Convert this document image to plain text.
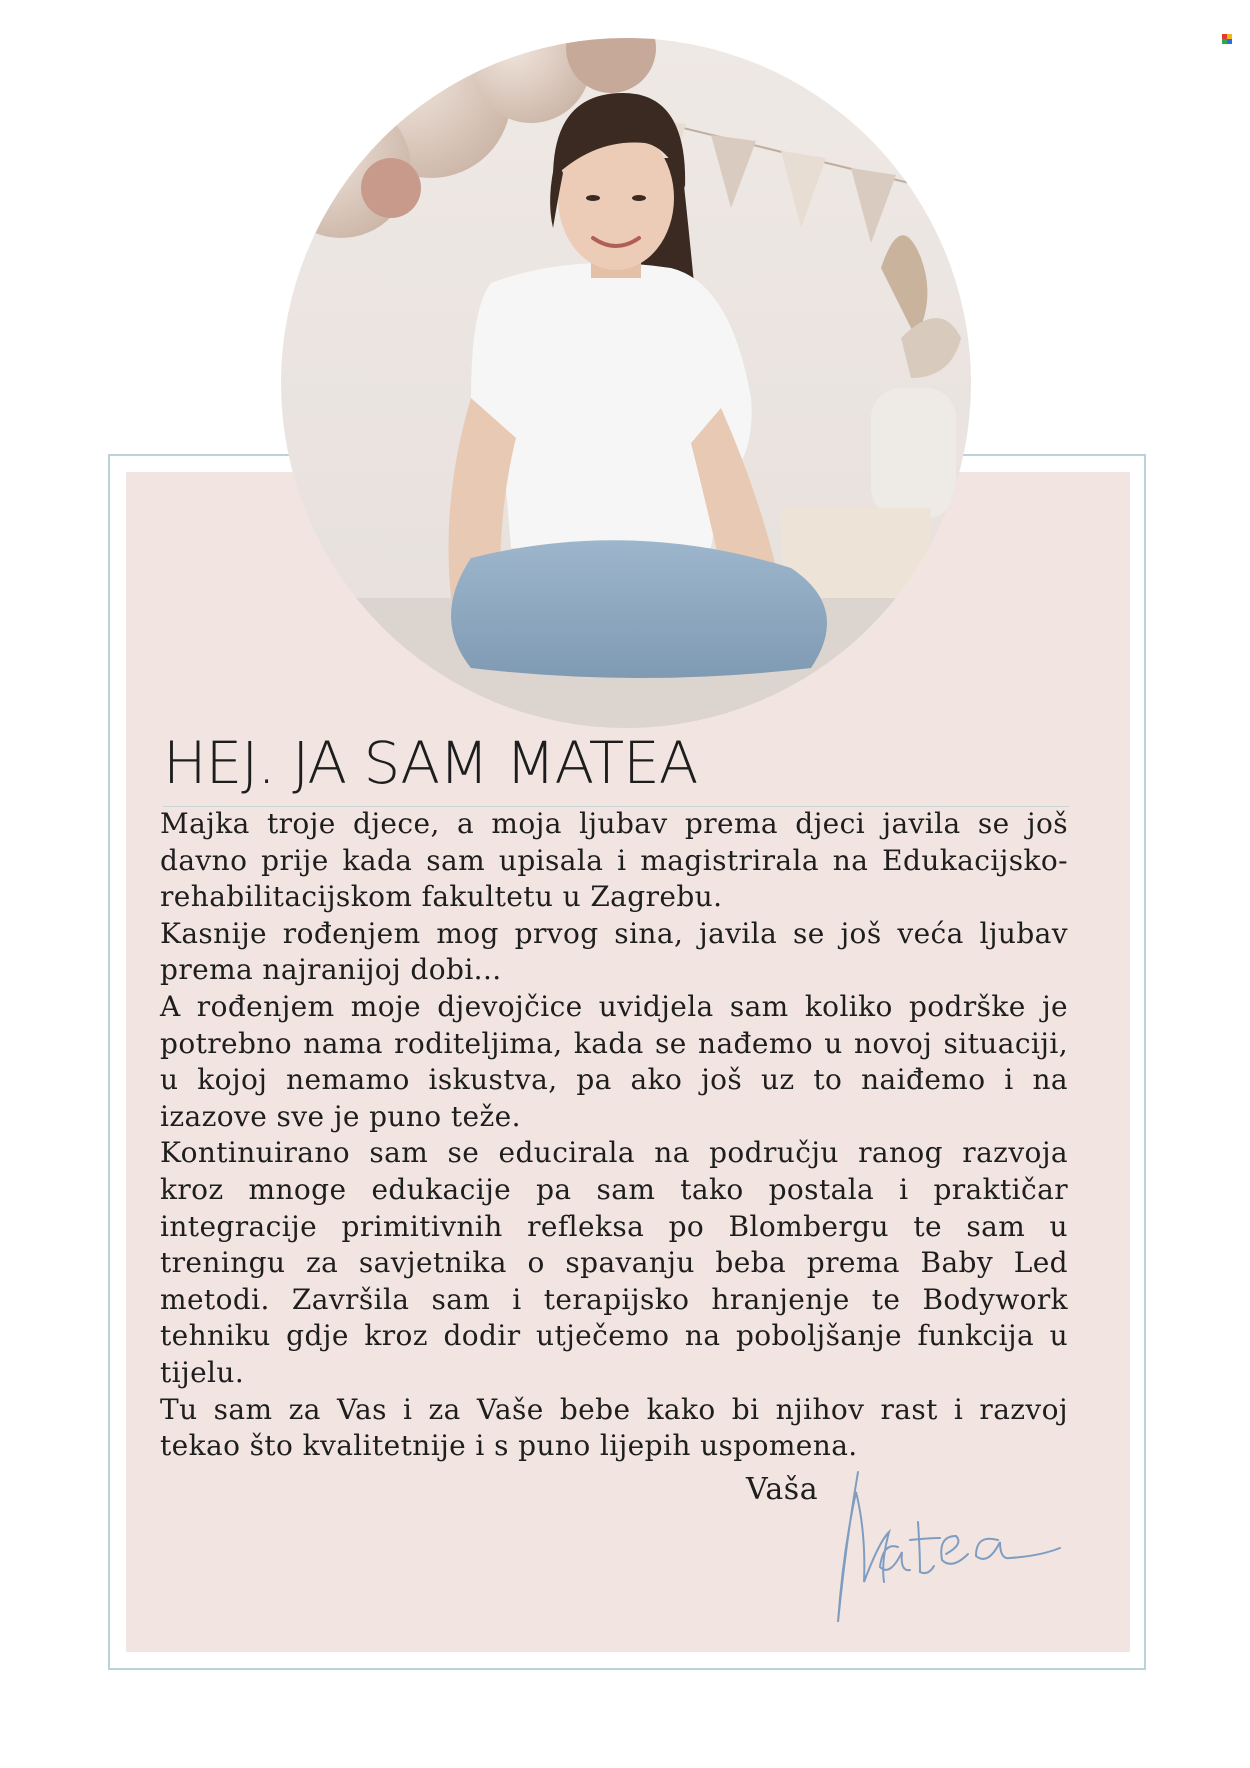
HEJ. JA SAM MATEA

Majka troje djece, a moja ljubav prema djeci javila se još davno prije kada sam upisala i magistrirala na Edukacijsko-rehabilitacijskom fakultetu u Zagrebu.

Kasnije rođenjem mog prvog sina, javila se još veća ljubav prema najranijoj dobi...

A rođenjem moje djevojčice uvidjela sam koliko podrške je potrebno nama roditeljima, kada se nađemo u novoj situaciji, u kojoj nemamo iskustva, pa ako još uz to naiđemo i na izazove sve je puno teže.

Kontinuirano sam se educirala na području ranog razvoja kroz mnoge edukacije pa sam tako postala i praktičar integracije primitivnih refleksa po Blombergu te sam u treningu za savjetnika o spavanju beba prema Baby Led metodi. Završila sam i terapijsko hranjenje te Bodywork tehniku gdje kroz dodir utječemo na poboljšanje funkcija u tijelu.

Tu sam za Vas i za Vaše bebe kako bi njihov rast i razvoj tekao što kvalitetnije i s puno lijepih uspomena.

Vaša
